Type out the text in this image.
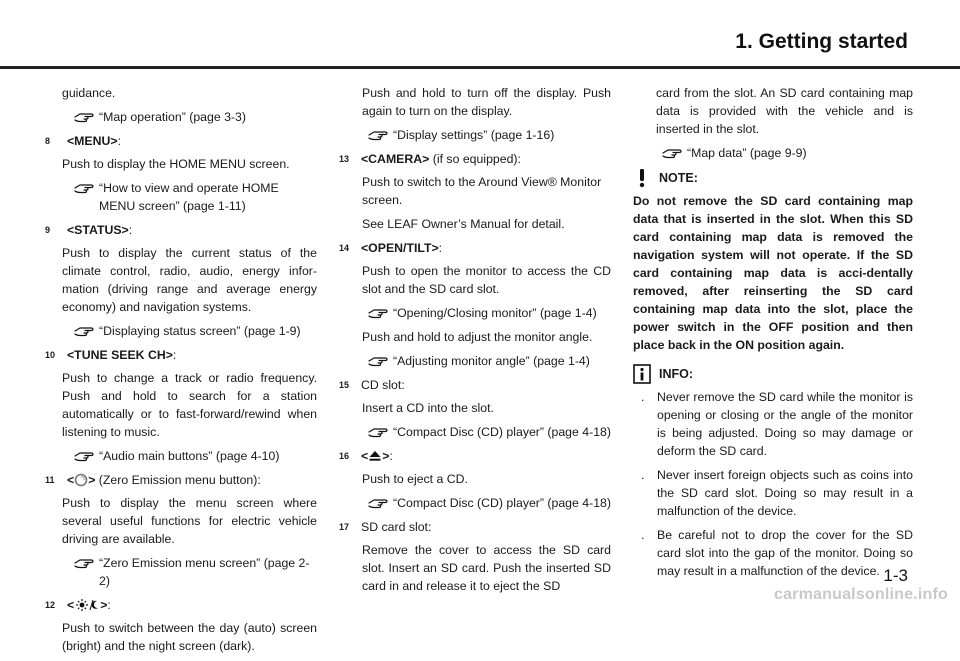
1. Getting started

guidance.

“Map operation” (page 3-3)
8	<MENU> :

Push to display the HOME MENU screen.

“How to view and operate HOME MENU screen” (page 1-11)
9	<STATUS> :

Push to display the current status of the climate control, radio, audio, energy infor-mation (driving range and average energy economy) and navigation systems.

“Displaying status screen” (page 1-9)
10 <TUNE SEEK CH> :

Push to change a track or radio frequency. Push and hold to search for a station automatically or to fast-forward/rewind when listening to music.

“Audio main buttons” (page 4-10)
11	< >
(Zero Emission menu button):

Push to display the menu screen where several useful functions for electric vehicle driving are available.

“Zero Emission menu screen” (page 2-2)
12 < > :

Push to switch between the day (auto) screen (bright) and the night screen (dark).

Push and hold to turn off the display. Push again to turn on the display.

“Display settings” (page 1-16)
13 <CAMERA>
(if so equipped):

Push to switch to the Around View® Monitor screen.

See LEAF Owner’s Manual for detail.

14 <OPEN/TILT> :

Push to open the monitor to access the CD slot and the SD card slot.

“Opening/Closing monitor” (page 1-4)

Push and hold to adjust the monitor angle.

“Adjusting monitor angle” (page 1-4)
15 CD slot:

Insert a CD into the slot.

“Compact Disc (CD) player” (page 4-18)
16 < > :

Push to eject a CD.

“Compact Disc (CD) player” (page 4-18)
17 SD card slot:

Remove the cover to access the SD card slot. Insert an SD card. Push the inserted SD card in and release it to eject the SD

card from the slot. An SD card containing map data is provided with the vehicle and is inserted in the slot.

“Map data” (page 9-9)
NOTE:

Do not remove the SD card containing map data that is inserted in the slot. When this SD card containing map data is removed the navigation system will not operate. If the SD card containing map data is acci-dentally removed, after reinserting the SD card containing map data into the slot, place the power switch in the OFF position and then place back in the ON position again.

INFO:
.	Never remove the SD card while the monitor is opening or closing or the angle of the monitor is being adjusted. Doing so may damage or deform the SD card.
.	Never insert foreign objects such as coins into the SD card slot. Doing so may result in a malfunction of the device.
.	Be careful not to drop the cover for the SD card slot into the gap of the monitor. Doing so may result in a malfunction of the device. 1-3
carmanualsonline.info
